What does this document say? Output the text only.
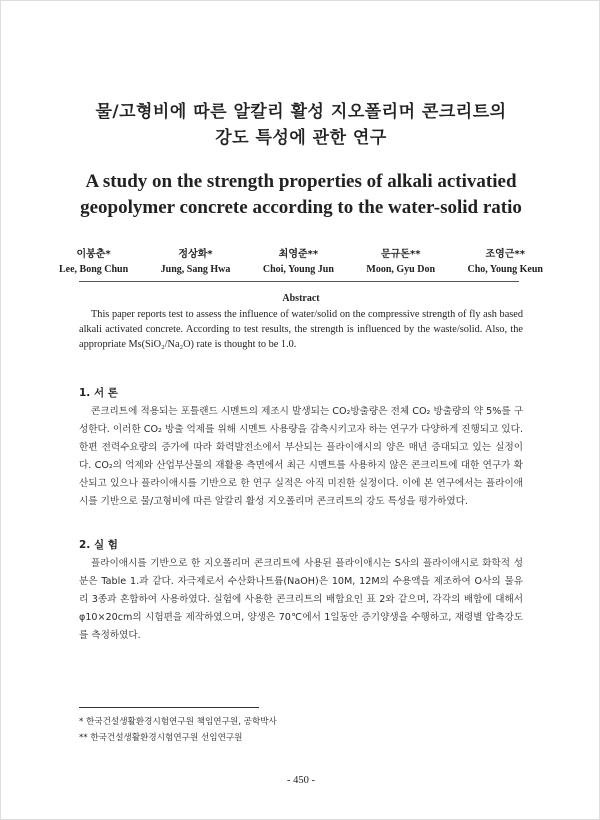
물/고형비에 따른 알칼리 활성 지오폴리머 콘크리트의
강도 특성에 관한 연구
A study on the strength properties of alkali activatied
geopolymer concrete according to the water-solid ratio
이봉춘*
Lee, Bong Chun
정상화*
Jung, Sang Hwa
최영준**
Choi, Young Jun
문규돈**
Moon, Gyu Don
조영근**
Cho, Young Keun
Abstract
This paper reports test to assess the influence of water/solid on the compressive strength of fly ash based alkali activated concrete. According to test results, the strength is influenced by the waste/solid. Also, the appropriate Ms(SiO₂/Na₂O) rate is thought to be 1.0.
1. 서 론
콘크리트에 적용되는 포틀랜드 시멘트의 제조시 발생되는 CO₂방출량은 전체 CO₂ 방출량의 약 5%를 구성한다. 이러한 CO₂ 방출 억제를 위해 시멘트 사용량을 감축시키고자 하는 연구가 다양하게 진행되고 있다. 한편 전력수요량의 증가에 따라 화력발전소에서 부산되는 플라이애시의 양은 매년 증대되고 있는 실정이다. CO₂의 억제와 산업부산물의 재활용 측면에서 최근 시멘트를 사용하지 않은 콘크리트에 대한 연구가 확산되고 있으나 플라이애시를 기반으로 한 연구 실적은 아직 미진한 실정이다. 이에 본 연구에서는 플라이애시를 기반으로 물/고형비에 따른 알칼리 활성 지오폴리머 콘크리트의 강도 특성을 평가하였다.
2. 실 험
플라이애시를 기반으로 한 지오폴리머 콘크리트에 사용된 플라이애시는 S사의 플라이애시로 화학적 성분은 Table 1.과 같다. 자극제로서 수산화나트륨(NaOH)은 10M, 12M의 수용액을 제조하여 O사의 물유리 3종과 혼합하여 사용하였다. 실험에 사용한 콘크리트의 배합요인 표 2와 같으며, 각각의 배합에 대해서 φ10×20cm의 시험편을 제작하였으며, 양생은 70℃에서 1일동안 증기양생을 수행하고, 재령별 압축강도를 측정하였다.
* 한국건설생활환경시험연구원 책임연구원, 공학박사
** 한국건설생활환경시험연구원 선임연구원
- 450 -
